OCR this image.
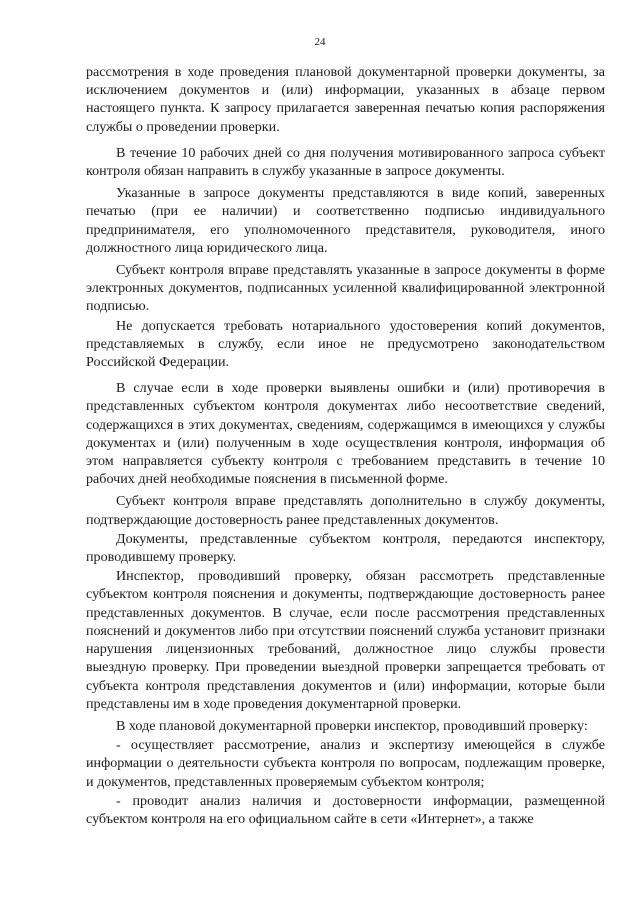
24

рассмотрения в ходе проведения плановой документарной проверки документы, за исключением документов и (или) информации, указанных в абзаце первом настоящего пункта. К запросу прилагается заверенная печатью копия распоряжения службы о проведении проверки.

В течение 10 рабочих дней со дня получения мотивированного запроса субъект контроля обязан направить в службу указанные в запросе документы.

Указанные в запросе документы представляются в виде копий, заверенных печатью (при ее наличии) и соответственно подписью индивидуального предпринимателя, его уполномоченного представителя, руководителя, иного должностного лица юридического лица.

Субъект контроля вправе представлять указанные в запросе документы в форме электронных документов, подписанных усиленной квалифицированной электронной подписью.

Не допускается требовать нотариального удостоверения копий документов, представляемых в службу, если иное не предусмотрено законодательством Российской Федерации.

В случае если в ходе проверки выявлены ошибки и (или) противоречия в представленных субъектом контроля документах либо несоответствие сведений, содержащихся в этих документах, сведениям, содержащимся в имеющихся у службы документах и (или) полученным в ходе осуществления контроля, информация об этом направляется субъекту контроля с требованием представить в течение 10 рабочих дней необходимые пояснения в письменной форме.

Субъект контроля вправе представлять дополнительно в службу документы, подтверждающие достоверность ранее представленных документов.

Документы, представленные субъектом контроля, передаются инспектору, проводившему проверку.

Инспектор, проводивший проверку, обязан рассмотреть представленные субъектом контроля пояснения и документы, подтверждающие достоверность ранее представленных документов. В случае, если после рассмотрения представленных пояснений и документов либо при отсутствии пояснений служба установит признаки нарушения лицензионных требований, должностное лицо службы провести выездную проверку. При проведении выездной проверки запрещается требовать от субъекта контроля представления документов и (или) информации, которые были представлены им в ходе проведения документарной проверки.

В ходе плановой документарной проверки инспектор, проводивший проверку:

- осуществляет рассмотрение, анализ и экспертизу имеющейся в службе информации о деятельности субъекта контроля по вопросам, подлежащим проверке, и документов, представленных проверяемым субъектом контроля;

- проводит анализ наличия и достоверности информации, размещенной субъектом контроля на его официальном сайте в сети «Интернет», а также
